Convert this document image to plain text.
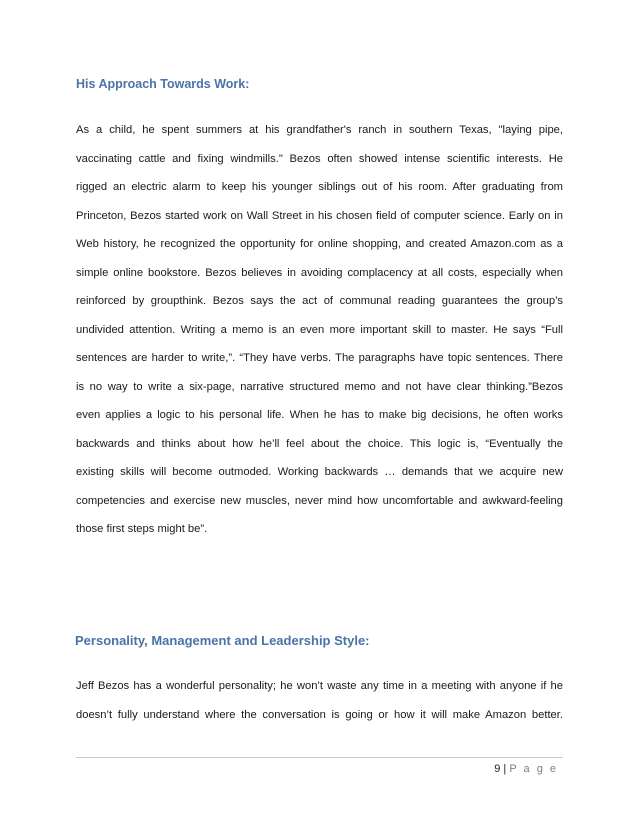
His Approach Towards Work:
As a child, he spent summers at his grandfather's ranch in southern Texas, "laying pipe,
vaccinating cattle and fixing windmills." Bezos often showed intense scientific interests. He
rigged an electric alarm to keep his younger siblings out of his room. After graduating from
Princeton, Bezos started work on Wall Street in his chosen field of computer science. Early on in
Web history, he recognized the opportunity for online shopping, and created Amazon.com as a
simple online bookstore. Bezos believes in avoiding complacency at all costs, especially when
reinforced by groupthink. Bezos says the act of communal reading guarantees the group’s
undivided attention. Writing a memo is an even more important skill to master. He says “Full
sentences are harder to write,”. “They have verbs. The paragraphs have topic sentences. There
is no way to write a six-page, narrative structured memo and not have clear thinking.”Bezos
even applies a logic to his personal life. When he has to make big decisions, he often works
backwards and thinks about how he’ll feel about the choice. This logic is, “Eventually the
existing skills will become outmoded. Working backwards … demands that we acquire new
competencies and exercise new muscles, never mind how uncomfortable and awkward-feeling
those first steps might be”.
Personality, Management and Leadership Style:
Jeff Bezos has a wonderful personality; he won’t waste any time in a meeting with anyone if he
doesn’t fully understand where the conversation is going or how it will make Amazon better.
9 | P a g e
